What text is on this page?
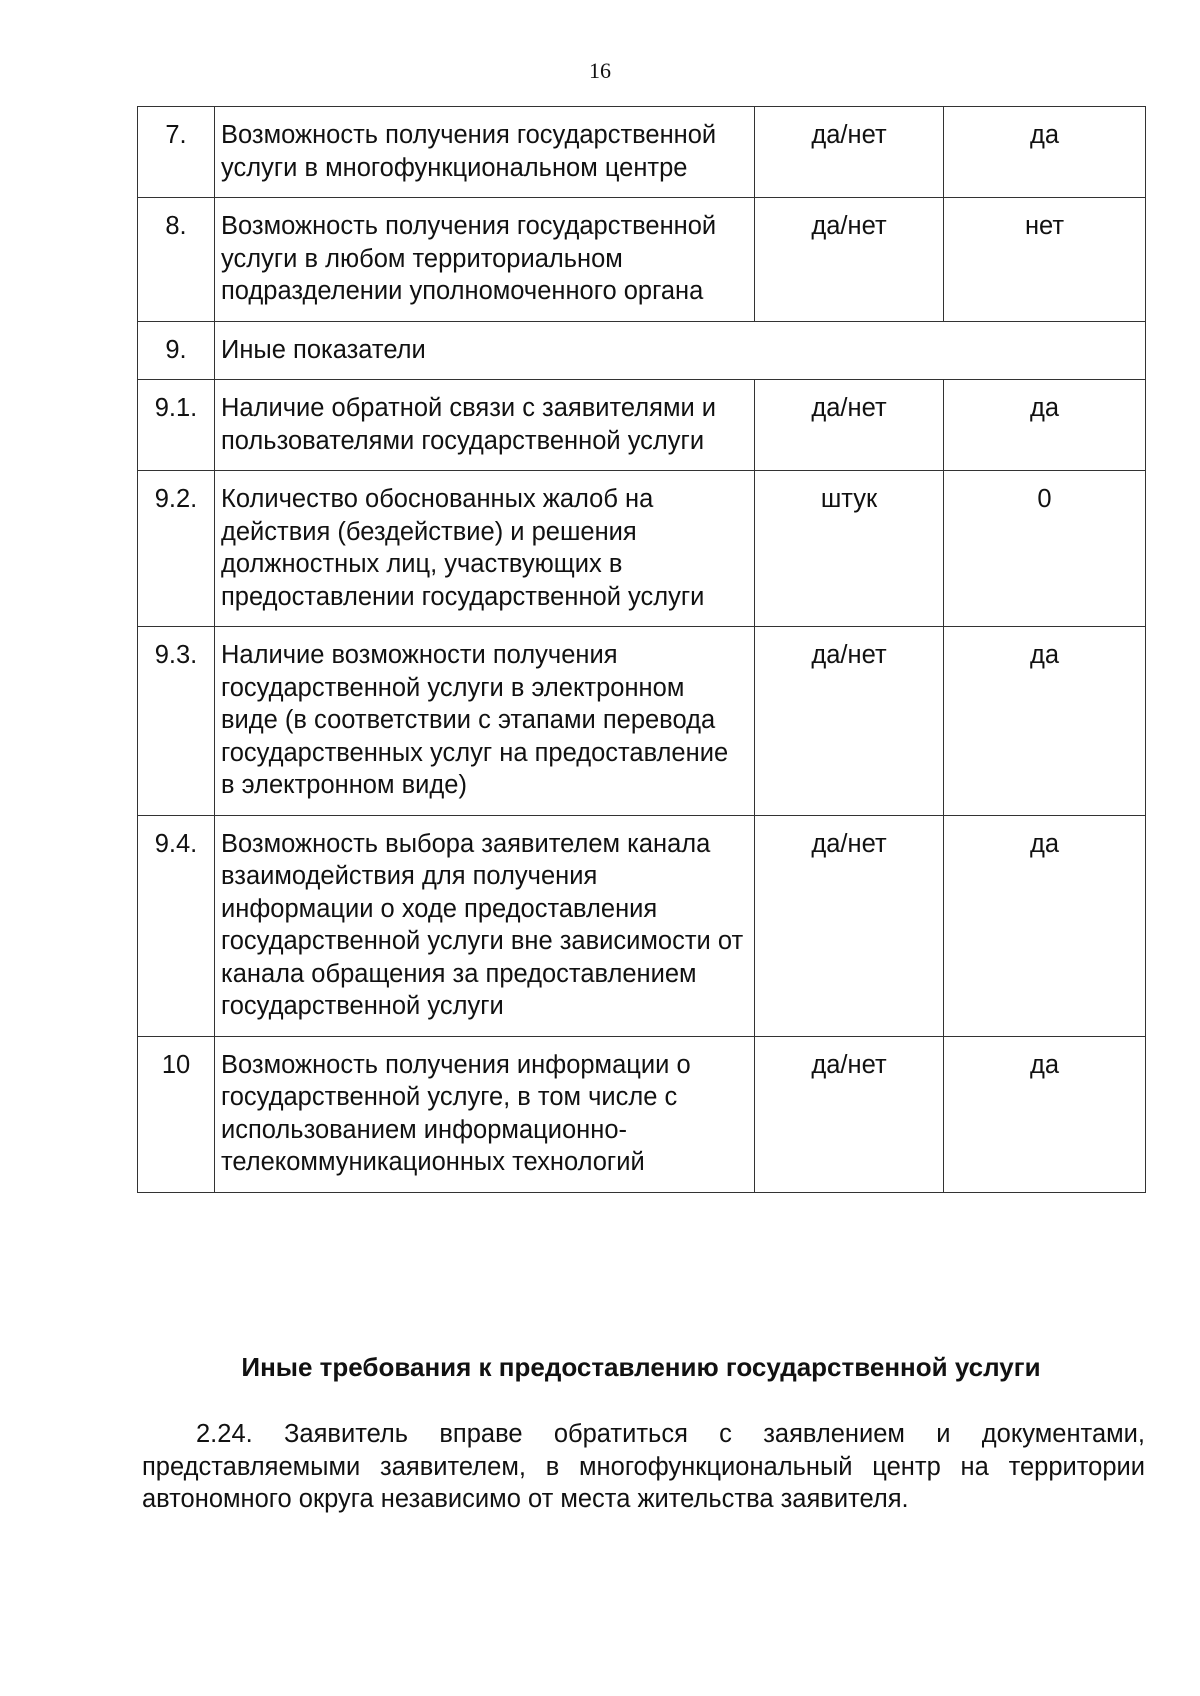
16
7.	Возможность получения государственной услуги в многофункциональном центре	да/нет	да
8.	Возможность получения государственной услуги в любом территориальном подразделении уполномоченного органа	да/нет	нет
9.	Иные показатели		
9.1.	Наличие обратной связи с заявителями и пользователями государственной услуги	да/нет	да
9.2.	Количество обоснованных жалоб на действия (бездействие) и решения должностных лиц, участвующих в предоставлении государственной услуги	штук	0
9.3.	Наличие возможности получения государственной услуги в электронном виде (в соответствии с этапами перевода государственных услуг на предоставление в электронном виде)	да/нет	да
9.4.	Возможность выбора заявителем канала взаимодействия для получения информации о ходе предоставления государственной услуги вне зависимости от канала обращения за предоставлением государственной услуги	да/нет	да
10	Возможность получения информации о государственной услуге, в том числе с использованием информационно-телекоммуникационных технологий	да/нет	да
Иные требования к предоставлению государственной услуги

2.24. Заявитель вправе обратиться с заявлением и документами, представляемыми заявителем, в многофункциональный центр на территории автономного округа независимо от места жительства заявителя.
